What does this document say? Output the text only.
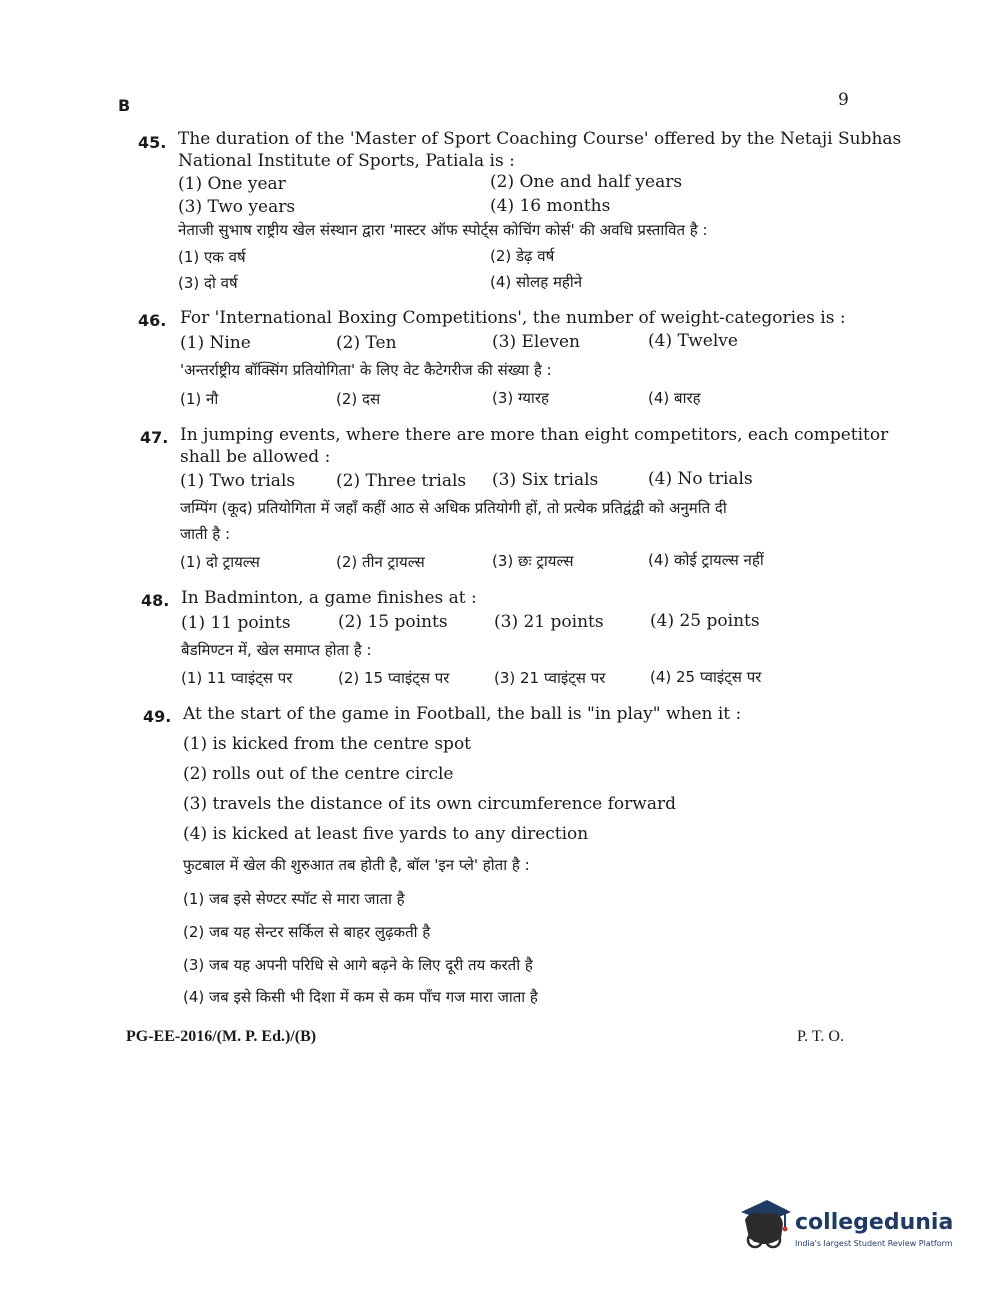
B	9
45. The duration of the 'Master of Sport Coaching Course' offered by the Netaji Subhas
National Institute of Sports, Patiala is :
(1) One year	(2) One and half years
(3) Two years	(4) 16 months
नेताजी सुभाष राष्ट्रीय खेल संस्थान द्वारा 'मास्टर ऑफ स्पोर्ट्स कोचिंग कोर्स' की अवधि प्रस्तावित है :
(1) एक वर्ष	(2) डेढ़ वर्ष
(3) दो वर्ष	(4) सोलह महीने
46. For 'International Boxing Competitions', the number of weight-categories is :
(1) Nine	(2) Ten	(3) Eleven	(4) Twelve
'अन्तर्राष्ट्रीय बॉक्सिंग प्रतियोगिता' के लिए वेट कैटेगरीज की संख्या है :
(1) नौ	(2) दस	(3) ग्यारह	(4) बारह
47. In jumping events, where there are more than eight competitors, each competitor
shall be allowed :
(1) Two trials (2) Three trials (3) Six trials	(4) No trials
जम्पिंग (कूद) प्रतियोगिता में जहाँ कहीं आठ से अधिक प्रतियोगी हों, तो प्रत्येक प्रतिद्वंद्वी को अनुमति दी
जाती है :
(1) दो ट्रायल्स	(2) तीन ट्रायल्स	(3) छः ट्रायल्स	(4) कोई ट्रायल्स नहीं
48. In Badminton, a game finishes at :
(1) 11 points	(2) 15 points	(3) 21 points	(4) 25 points
बैडमिण्टन में, खेल समाप्त होता है :
(1) 11 प्वाइंट्स पर	(2) 15 प्वाइंट्स पर	(3) 21 प्वाइंट्स पर	(4) 25 प्वाइंट्स पर
49. At the start of the game in Football, the ball is "in play" when it :
(1) is kicked from the centre spot
(2) rolls out of the centre circle
(3) travels the distance of its own circumference forward
(4) is kicked at least five yards to any direction
फुटबाल में खेल की शुरुआत तब होती है, बॉल 'इन प्ले' होता है :
(1) जब इसे सेण्टर स्पॉट से मारा जाता है
(2) जब यह सेन्टर सर्किल से बाहर लुढ़कती है
(3) जब यह अपनी परिधि से आगे बढ़ने के लिए दूरी तय करती है
(4) जब इसे किसी भी दिशा में कम से कम पाँच गज मारा जाता है
PG-EE-2016/(M. P. Ed.)/(B)	P. T. O.
collegedunia
India's largest Student Review Platform
